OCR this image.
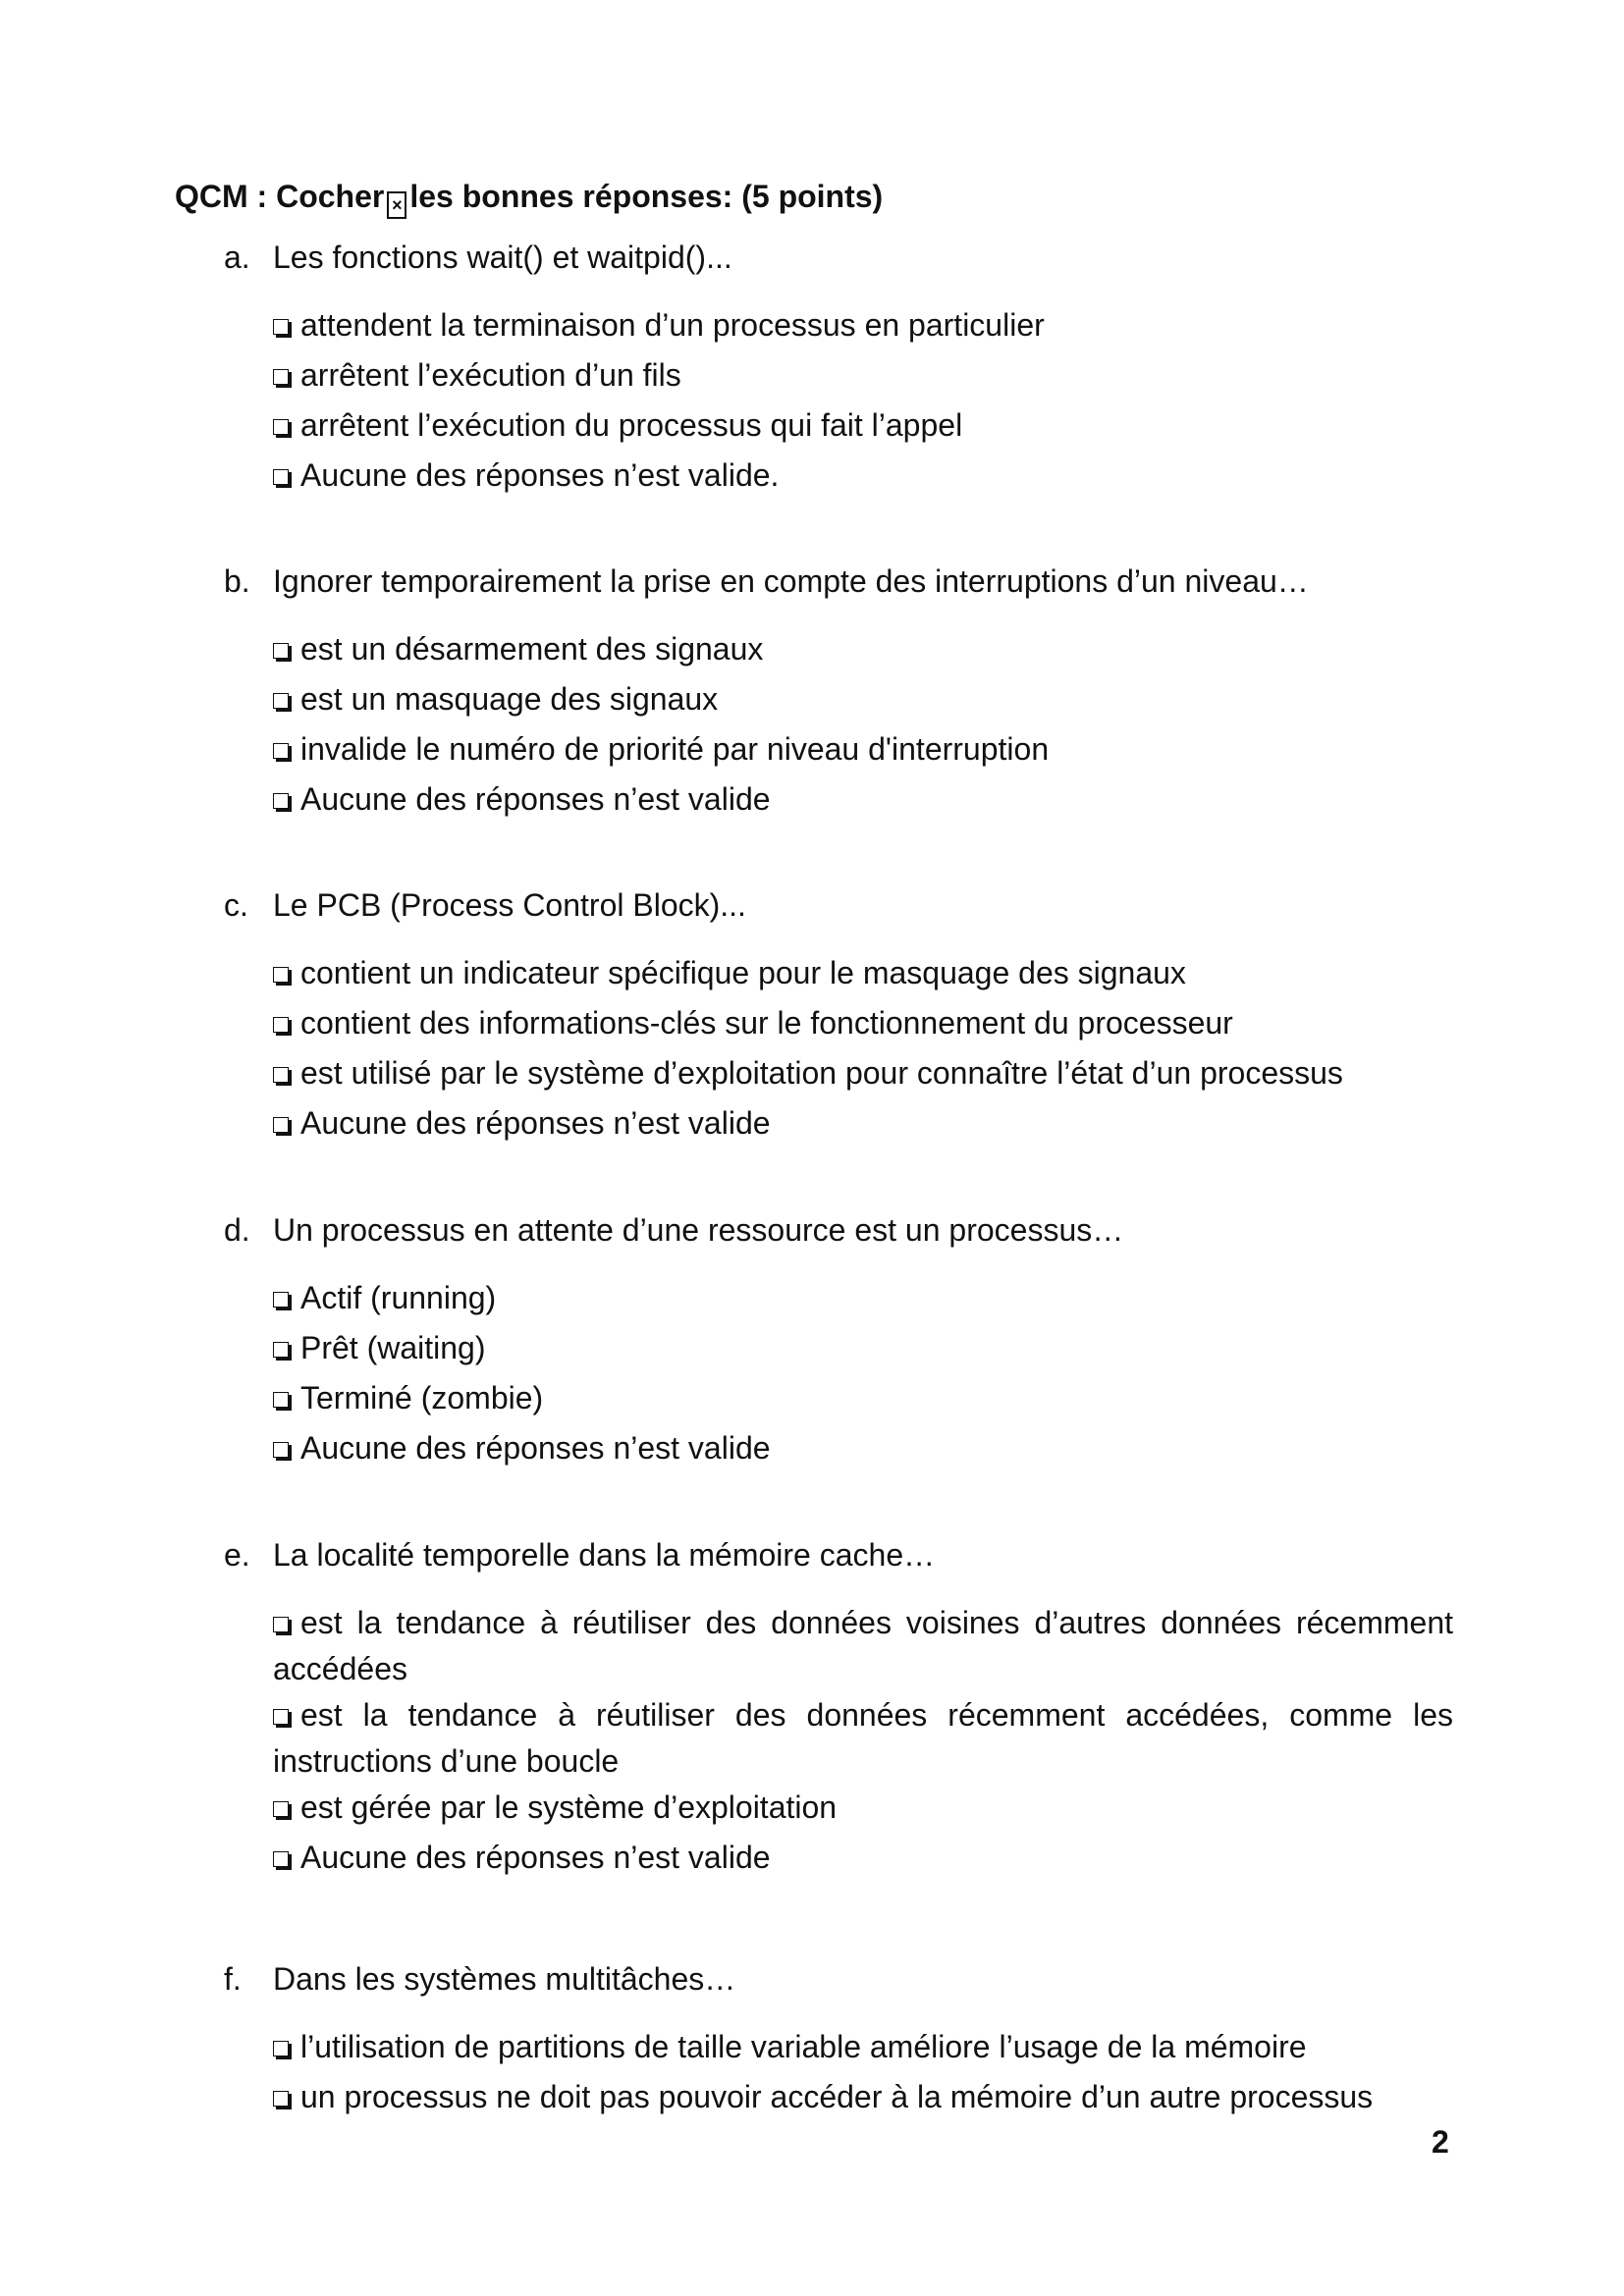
QCM : Cocher × les bonnes réponses: (5 points)
a. Les fonctions wait() et waitpid()...
attendent la terminaison d’un processus en particulier
arrêtent l’exécution d’un fils
arrêtent l’exécution du processus qui fait l’appel
Aucune des réponses n’est valide.
b. Ignorer temporairement la prise en compte des interruptions d’un niveau…
est un désarmement des signaux
est un masquage des signaux
invalide le numéro de priorité par niveau d'interruption
Aucune des réponses n’est valide
c. Le PCB (Process Control Block)...
contient un indicateur spécifique pour le masquage des signaux
contient des informations-clés sur le fonctionnement du processeur
est utilisé par le système d’exploitation pour connaître l’état d’un processus
Aucune des réponses n’est valide
d. Un processus en attente d’une ressource est un processus…
Actif (running)
Prêt (waiting)
Terminé (zombie)
Aucune des réponses n’est valide
e. La localité temporelle dans la mémoire cache…
est la tendance à réutiliser des données voisines d’autres données récemment accédées
est la tendance à réutiliser des données récemment accédées, comme les instructions d’une boucle
est gérée par le système d’exploitation
Aucune des réponses n’est valide
f. Dans les systèmes multitâches…
l’utilisation de partitions de taille variable améliore l’usage de la mémoire
un processus ne doit pas pouvoir accéder à la mémoire d’un autre processus
2
